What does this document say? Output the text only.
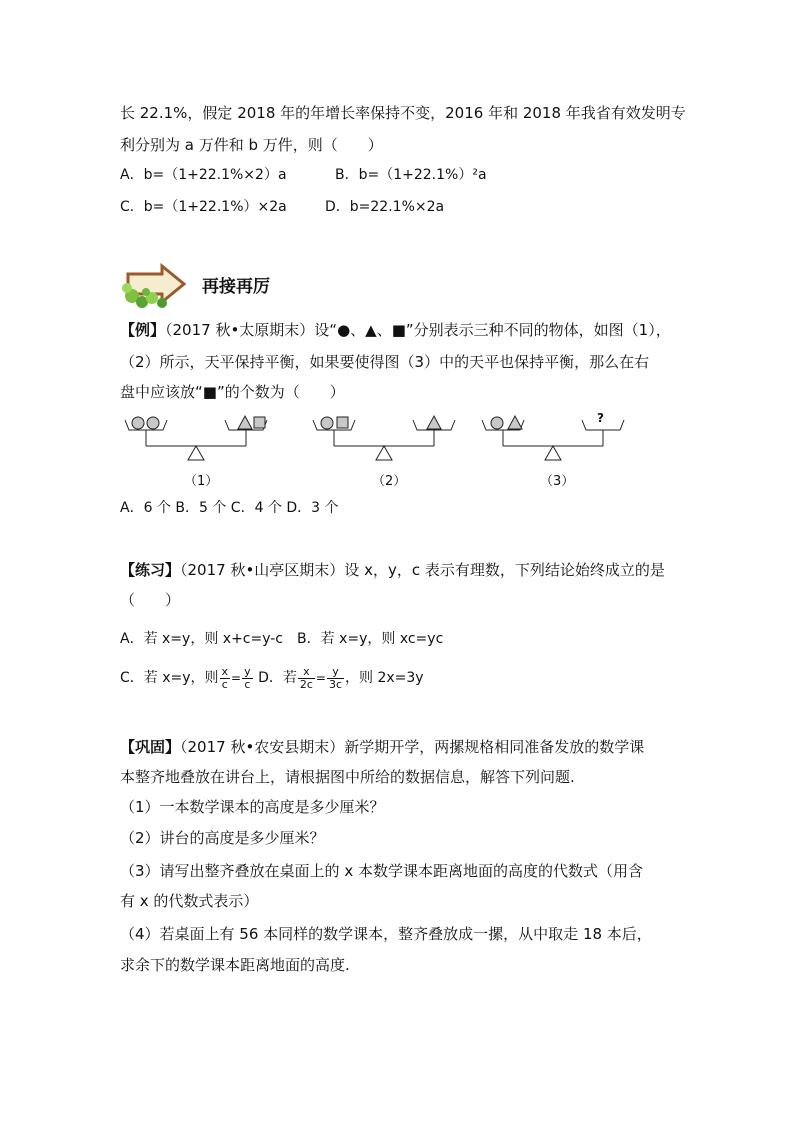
长 22.1%，假定 2018 年的年增长率保持不变，2016 年和 2018 年我省有效发明专
利分别为 a 万件和 b 万件，则（　　）
A．b=（1+22.1%×2）a	B．b=（1+22.1%）²a
C．b=（1+22.1%）×2a	D．b=22.1%×2a
再接再厉
【例】（2017 秋•太原期末）设“●、▲、■”分别表示三种不同的物体，如图（1），
（2）所示，天平保持平衡，如果要使得图（3）中的天平也保持平衡，那么在右
盘中应该放“■”的个数为（　　）
?
（1）	（2）	（3）
A．6 个 B．5 个 C．4 个 D．3 个
【练习】（2017 秋•山亭区期末）设 x，y，c 表示有理数，下列结论始终成立的是
（　　）
A．若 x=y，则 x+c=y-c　B．若 x=y，则 xc=yc
C．若 x=y，则 $\frac{x}{c} = \frac{y}{c}$ D．若 $\frac{x}{2c} = \frac{y}{3c}$ ，则 2x=3y
【巩固】（2017 秋•农安县期末）新学期开学，两摞规格相同准备发放的数学课
本整齐地叠放在讲台上，请根据图中所给的数据信息，解答下列问题.
（1）一本数学课本的高度是多少厘米？
（2）讲台的高度是多少厘米？
（3）请写出整齐叠放在桌面上的 x 本数学课本距离地面的高度的代数式（用含
有 x 的代数式表示）
（4）若桌面上有 56 本同样的数学课本，整齐叠放成一摞，从中取走 18 本后，
求余下的数学课本距离地面的高度.
